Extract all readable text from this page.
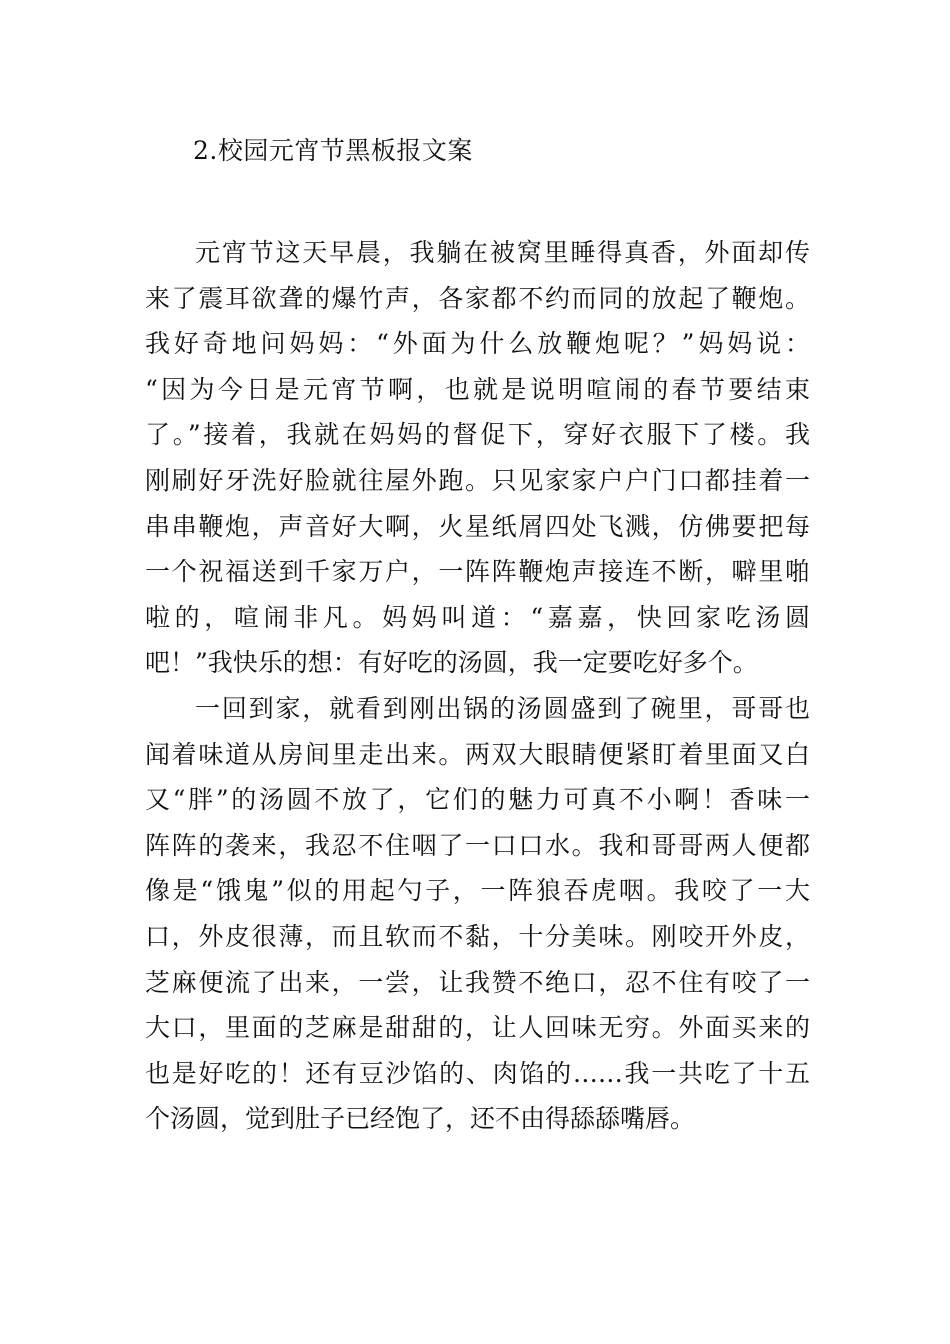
2.校园元宵节黑板报文案
元宵节这天早晨，我躺在被窝里睡得真香，外面却传
来了震耳欲聋的爆竹声，各家都不约而同的放起了鞭炮。
我好奇地问妈妈：“外面为什么放鞭炮呢？”妈妈说：
“因为今日是元宵节啊，也就是说明喧闹的春节要结束
了。”接着，我就在妈妈的督促下，穿好衣服下了楼。我
刚刷好牙洗好脸就往屋外跑。只见家家户户门口都挂着一
串串鞭炮，声音好大啊，火星纸屑四处飞溅，仿佛要把每
一个祝福送到千家万户，一阵阵鞭炮声接连不断，噼里啪
啦的，喧闹非凡。妈妈叫道：“嘉嘉，快回家吃汤圆
吧！”我快乐的想：有好吃的汤圆，我一定要吃好多个。
一回到家，就看到刚出锅的汤圆盛到了碗里，哥哥也
闻着味道从房间里走出来。两双大眼睛便紧盯着里面又白
又“胖”的汤圆不放了，它们的魅力可真不小啊！香味一
阵阵的袭来，我忍不住咽了一口口水。我和哥哥两人便都
像是“饿鬼”似的用起勺子，一阵狼吞虎咽。我咬了一大
口，外皮很薄，而且软而不黏，十分美味。刚咬开外皮，
芝麻便流了出来，一尝，让我赞不绝口，忍不住有咬了一
大口，里面的芝麻是甜甜的，让人回味无穷。外面买来的
也是好吃的！还有豆沙馅的、肉馅的……我一共吃了十五
个汤圆，觉到肚子已经饱了，还不由得舔舔嘴唇。
